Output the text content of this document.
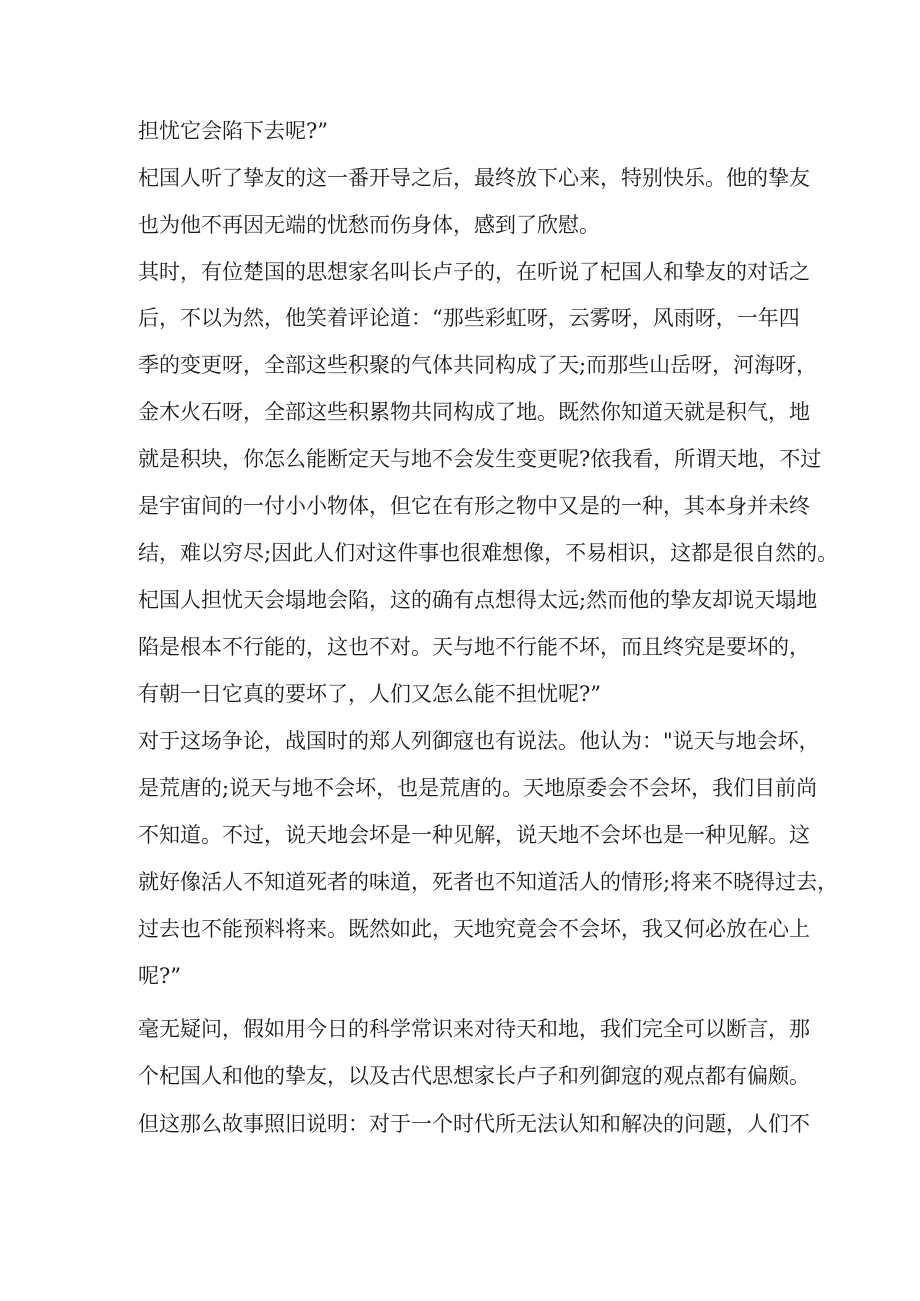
担忧它会陷下去呢?”
杞国人听了挚友的这一番开导之后，最终放下心来，特别快乐。他的挚友
也为他不再因无端的忧愁而伤身体，感到了欣慰。
其时，有位楚国的思想家名叫长卢子的，在听说了杞国人和挚友的对话之
后，不以为然，他笑着评论道：“那些彩虹呀，云雾呀，风雨呀，一年四
季的变更呀，全部这些积聚的气体共同构成了天;而那些山岳呀，河海呀，
金木火石呀，全部这些积累物共同构成了地。既然你知道天就是积气，地
就是积块，你怎么能断定天与地不会发生变更呢?依我看，所谓天地，不过
是宇宙间的一付小小物体，但它在有形之物中又是的一种，其本身并未终
结，难以穷尽;因此人们对这件事也很难想像，不易相识，这都是很自然的。
杞国人担忧天会塌地会陷，这的确有点想得太远;然而他的挚友却说天塌地
陷是根本不行能的，这也不对。天与地不行能不坏，而且终究是要坏的，
有朝一日它真的要坏了，人们又怎么能不担忧呢?”
对于这场争论，战国时的郑人列御寇也有说法。他认为："说天与地会坏，
是荒唐的;说天与地不会坏，也是荒唐的。天地原委会不会坏，我们目前尚
不知道。不过，说天地会坏是一种见解，说天地不会坏也是一种见解。这
就好像活人不知道死者的味道，死者也不知道活人的情形;将来不晓得过去，
过去也不能预料将来。既然如此，天地究竟会不会坏，我又何必放在心上
呢?”
毫无疑问，假如用今日的科学常识来对待天和地，我们完全可以断言，那
个杞国人和他的挚友，以及古代思想家长卢子和列御寇的观点都有偏颇。
但这那么故事照旧说明：对于一个时代所无法认知和解决的问题，人们不
